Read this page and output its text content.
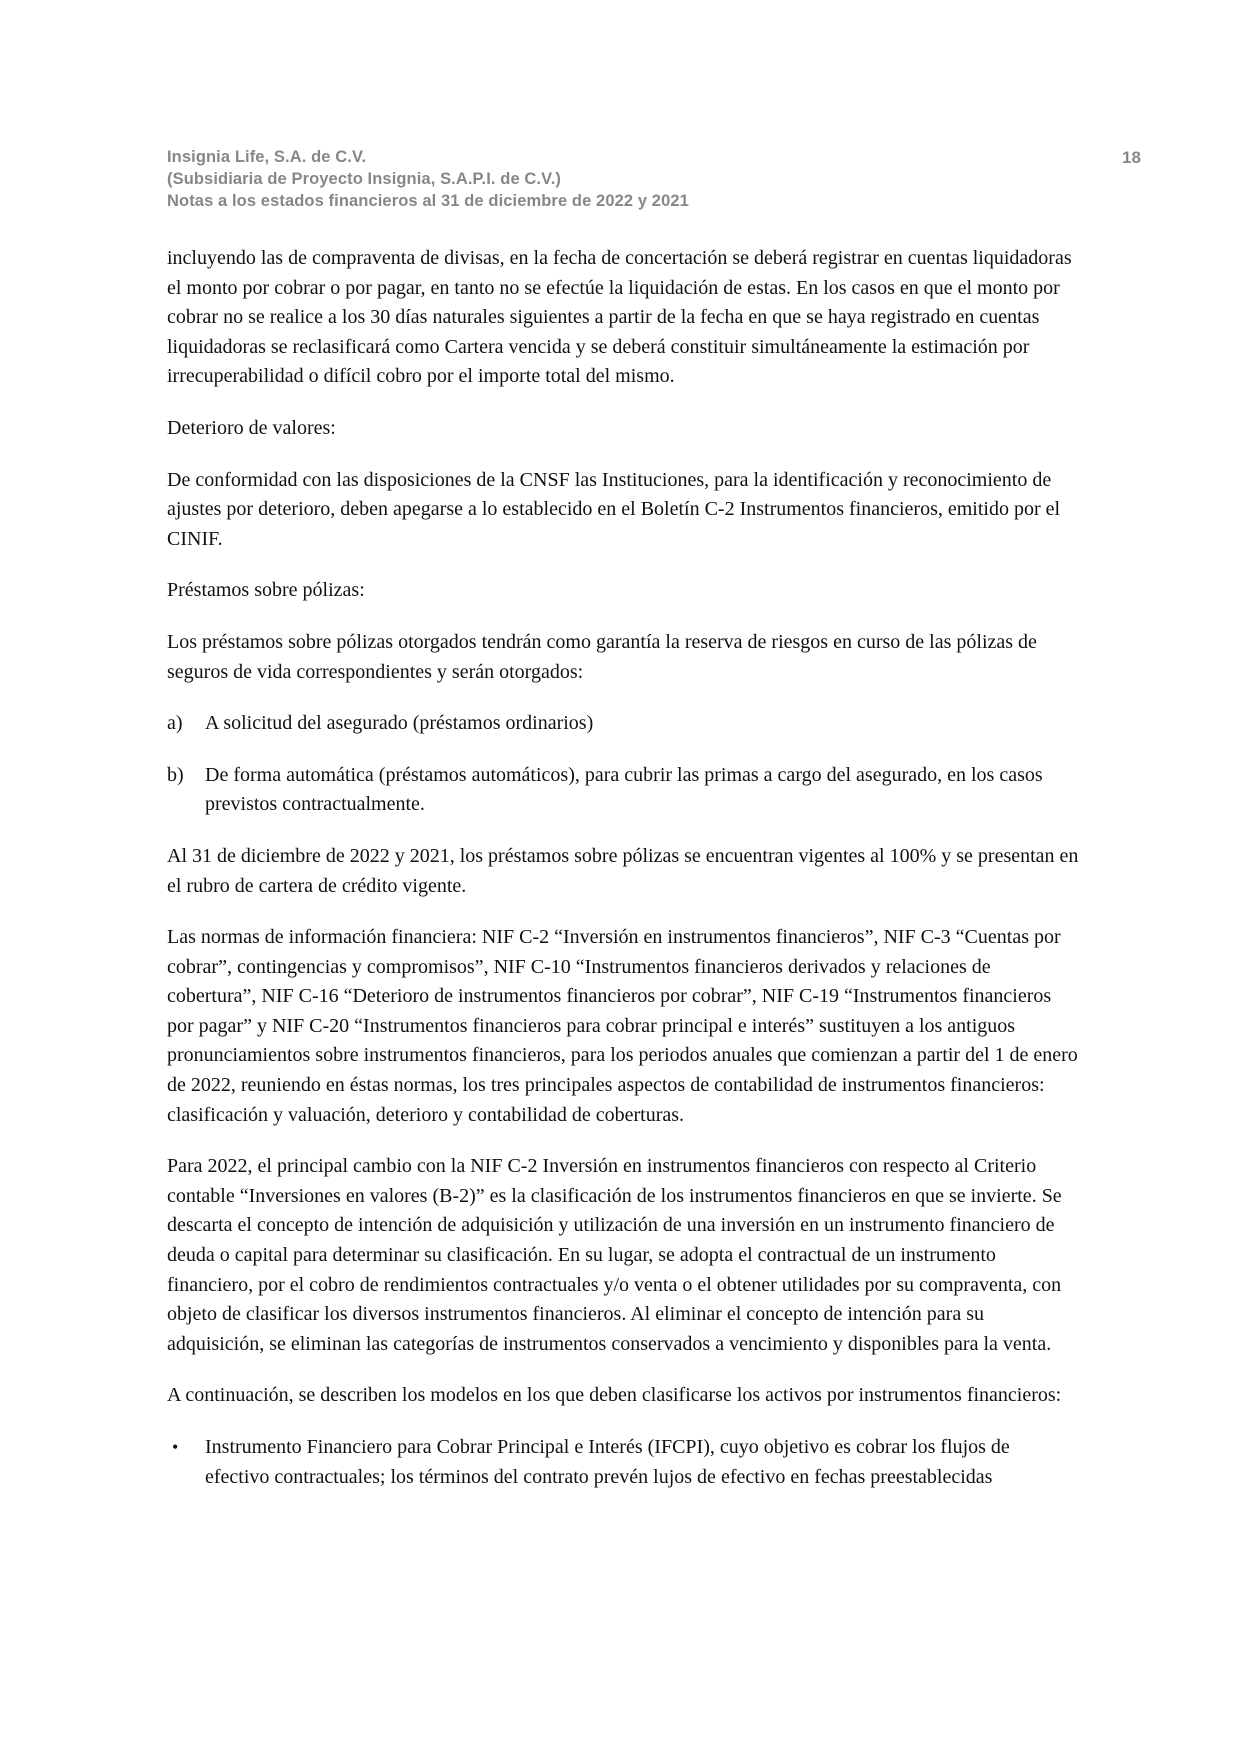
Insignia Life, S.A. de C.V.
(Subsidiaria de Proyecto Insignia, S.A.P.I. de C.V.)
Notas a los estados financieros al 31 de diciembre de 2022 y 2021
18

incluyendo las de compraventa de divisas, en la fecha de concertación se deberá registrar en cuentas liquidadoras el monto por cobrar o por pagar, en tanto no se efectúe la liquidación de estas. En los casos en que el monto por cobrar no se realice a los 30 días naturales siguientes a partir de la fecha en que se haya registrado en cuentas liquidadoras se reclasificará como Cartera vencida y se deberá constituir simultáneamente la estimación por irrecuperabilidad o difícil cobro por el importe total del mismo.

Deterioro de valores:

De conformidad con las disposiciones de la CNSF las Instituciones, para la identificación y reconocimiento de ajustes por deterioro, deben apegarse a lo establecido en el Boletín C-2 Instrumentos financieros, emitido por el CINIF.

Préstamos sobre pólizas:

Los préstamos sobre pólizas otorgados tendrán como garantía la reserva de riesgos en curso de las pólizas de seguros de vida correspondientes y serán otorgados:

a)	A solicitud del asegurado (préstamos ordinarios)
b)	De forma automática (préstamos automáticos), para cubrir las primas a cargo del asegurado, en los casos previstos contractualmente.

Al 31 de diciembre de 2022 y 2021, los préstamos sobre pólizas se encuentran vigentes al 100% y se presentan en el rubro de cartera de crédito vigente.

Las normas de información financiera: NIF C-2 “Inversión en instrumentos financieros”, NIF C-3 “Cuentas por cobrar”, contingencias y compromisos”, NIF C-10 “Instrumentos financieros derivados y relaciones de cobertura”, NIF C-16 “Deterioro de instrumentos financieros por cobrar”, NIF C-19 “Instrumentos financieros por pagar” y NIF C-20 “Instrumentos financieros para cobrar principal e interés” sustituyen a los antiguos pronunciamientos sobre instrumentos financieros, para los periodos anuales que comienzan a partir del 1 de enero de 2022, reuniendo en éstas normas, los tres principales aspectos de contabilidad de instrumentos financieros: clasificación y valuación, deterioro y contabilidad de coberturas.

Para 2022, el principal cambio con la NIF C-2 Inversión en instrumentos financieros con respecto al Criterio contable “Inversiones en valores (B-2)” es la clasificación de los instrumentos financieros en que se invierte. Se descarta el concepto de intención de adquisición y utilización de una inversión en un instrumento financiero de deuda o capital para determinar su clasificación. En su lugar, se adopta el contractual de un instrumento financiero, por el cobro de rendimientos contractuales y/o venta o el obtener utilidades por su compraventa, con objeto de clasificar los diversos instrumentos financieros. Al eliminar el concepto de intención para su adquisición, se eliminan las categorías de instrumentos conservados a vencimiento y disponibles para la venta.

A continuación, se describen los modelos en los que deben clasificarse los activos por instrumentos financieros:

•	Instrumento Financiero para Cobrar Principal e Interés (IFCPI), cuyo objetivo es cobrar los flujos de efectivo contractuales; los términos del contrato prevén lujos de efectivo en fechas preestablecidas
